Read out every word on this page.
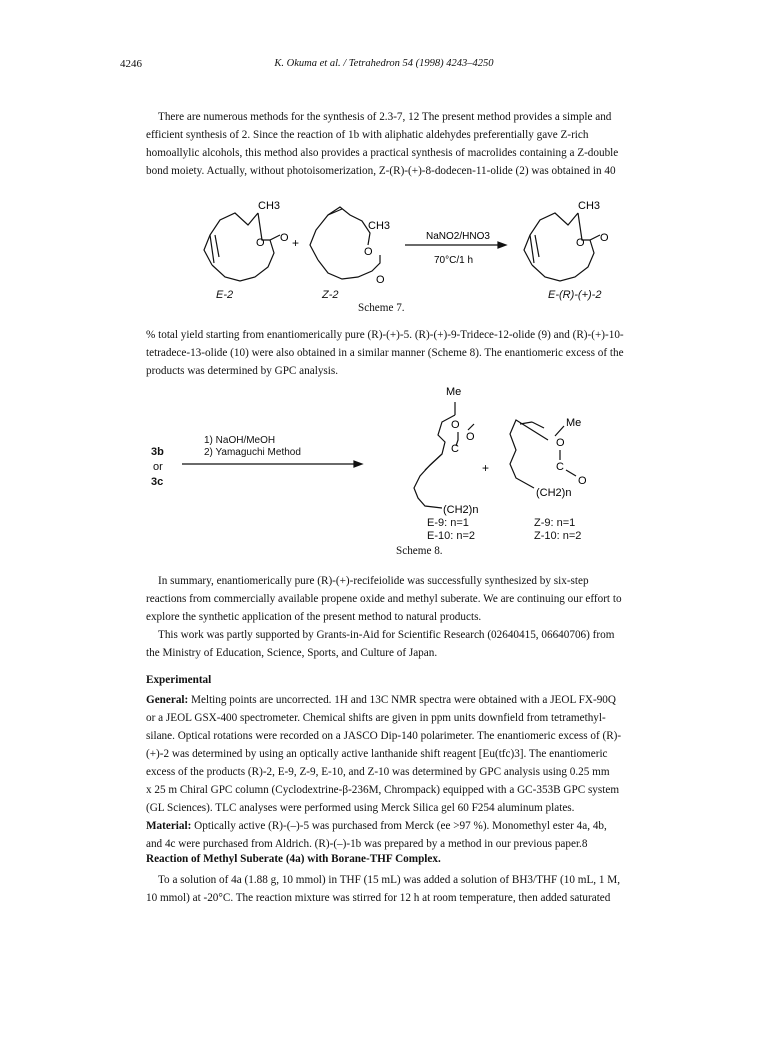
4246	K. Okuma et al. / Tetrahedron 54 (1998) 4243–4250
There are numerous methods for the synthesis of 2.3-7, 12 The present method provides a simple and
efficient synthesis of 2. Since the reaction of 1b with aliphatic aldehydes preferentially gave Z-rich
homoallylic alcohols, this method also provides a practical synthesis of macrolides containing a Z-double
bond moiety. Actually, without photoisomerization, Z-(R)-(+)-8-dodecen-11-olide (2) was obtained in 40
CH3
O O +
CH3
O
O
NaNO2/HNO3
70°C/1 h
CH3
O O
E-2	Z-2	E-(R)-(+)-2
Scheme 7.
% total yield starting from enantiomerically pure (R)-(+)-5. (R)-(+)-9-Tridece-12-olide (9) and (R)-(+)-10-
tetradece-13-olide (10) were also obtained in a similar manner (Scheme 8). The enantiomeric excess of the
products was determined by GPC analysis.
3b
or
3c
1) NaOH/MeOH
2) Yamaguchi Method
Me
O
C
O
(CH2)n
+
Me
O
C
O
(CH2)n
E-9: n=1
E-10: n=2
Z-9: n=1
Z-10: n=2
Scheme 8.
In summary, enantiomerically pure (R)-(+)-recifeiolide was successfully synthesized by six-step
reactions from commercially available propene oxide and methyl suberate. We are continuing our effort to
explore the synthetic application of the present method to natural products.
This work was partly supported by Grants-in-Aid for Scientific Research (02640415, 06640706) from
the Ministry of Education, Science, Sports, and Culture of Japan.
Experimental
General: Melting points are uncorrected. 1H and 13C NMR spectra were obtained with a JEOL FX-90Q
or a JEOL GSX-400 spectrometer. Chemical shifts are given in ppm units downfield from tetramethyl-
silane. Optical rotations were recorded on a JASCO Dip-140 polarimeter. The enantiomeric excess of (R)-
(+)-2 was determined by using an optically active lanthanide shift reagent [Eu(tfc)3]. The enantiomeric
excess of the products (R)-2, E-9, Z-9, E-10, and Z-10 was determined by GPC analysis using 0.25 mm
x 25 m Chiral GPC column (Cyclodextrine-β-236M, Chrompack) equipped with a GC-353B GPC system
(GL Sciences). TLC analyses were performed using Merck Silica gel 60 F254 aluminum plates.
Material: Optically active (R)-(–)-5 was purchased from Merck (ee >97 %). Monomethyl ester 4a, 4b,
and 4c were purchased from Aldrich. (R)-(–)-1b was prepared by a method in our previous paper.8
Reaction of Methyl Suberate (4a) with Borane-THF Complex.
To a solution of 4a (1.88 g, 10 mmol) in THF (15 mL) was added a solution of BH3/THF (10 mL, 1 M,
10 mmol) at -20°C. The reaction mixture was stirred for 12 h at room temperature, then added saturated
